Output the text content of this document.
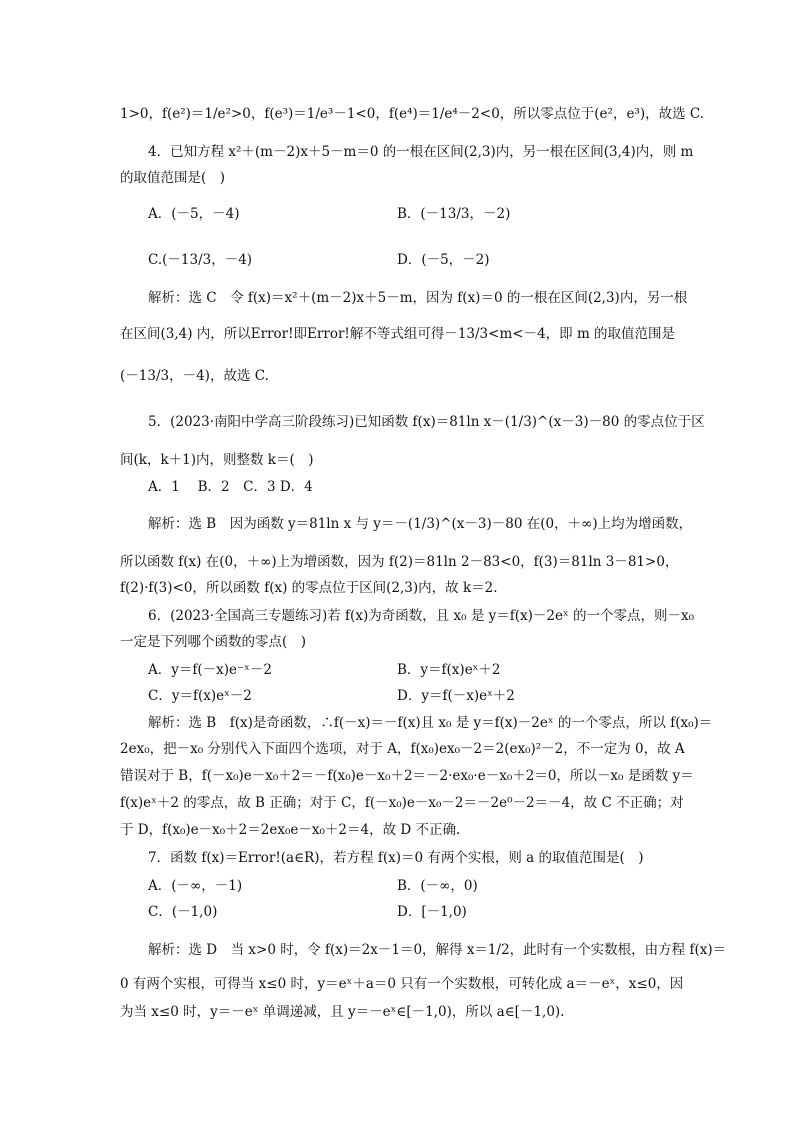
1>0，f(e²)＝1/e²>0，f(e³)＝1/e³－1<0，f(e⁴)＝1/e⁴－2<0，所以零点位于(e²，e³)，故选 C.
4．已知方程 x²＋(m－2)x＋5－m＝0 的一根在区间(2,3)内，另一根在区间(3,4)内，则 m
的取值范围是(　)
A．(－5，－4)	B．(－13/3，－2)
C.(－13/3，－4)	D．(－5，－2)
解析：选 C　令 f(x)＝x²＋(m－2)x＋5－m，因为 f(x)＝0 的一根在区间(2,3)内，另一根
在区间(3,4) 内，所以Error!即Error!解不等式组可得－13/3<m<－4，即 m 的取值范围是
(－13/3，－4)，故选 C.
5．(2023·南阳中学高三阶段练习)已知函数 f(x)＝81ln x－(1/3)^(x－3)－80 的零点位于区
间(k，k＋1)内，则整数 k＝(　)
A．1　 B．2　C．3 D．4
解析：选 B　因为函数 y＝81ln x 与 y＝－(1/3)^(x－3)－80 在(0，＋∞)上均为增函数，
所以函数 f(x) 在(0，＋∞)上为增函数，因为 f(2)＝81ln 2－83<0，f(3)＝81ln 3－81>0，
f(2)·f(3)<0，所以函数 f(x) 的零点位于区间(2,3)内，故 k＝2.
6．(2023·全国高三专题练习)若 f(x)为奇函数，且 x₀ 是 y＝f(x)－2eˣ 的一个零点，则－x₀
一定是下列哪个函数的零点(　)
A．y＝f(－x)e⁻ˣ－2	B．y＝f(x)eˣ＋2
C．y＝f(x)eˣ－2	D．y＝f(－x)eˣ＋2
解析：选 B　f(x)是奇函数，∴f(－x)＝－f(x)且 x₀ 是 y＝f(x)－2eˣ 的一个零点，所以 f(x₀)＝
2ex₀，把－x₀ 分别代入下面四个选项，对于 A，f(x₀)ex₀－2＝2(ex₀)²－2，不一定为 0，故 A
错误对于 B，f(－x₀)e－x₀＋2＝－f(x₀)e－x₀＋2＝－2·ex₀·e－x₀＋2＝0，所以－x₀ 是函数 y＝
f(x)eˣ＋2 的零点，故 B 正确；对于 C，f(－x₀)e－x₀－2＝－2e⁰－2＝－4，故 C 不正确；对
于 D，f(x₀)e－x₀＋2＝2ex₀e－x₀＋2＝4，故 D 不正确.
7．函数 f(x)＝Error!(a∈R)，若方程 f(x)＝0 有两个实根，则 a 的取值范围是(　)
A．(－∞，－1)	B．(－∞，0)
C．(－1,0)	D．[－1,0)
解析：选 D　当 x>0 时，令 f(x)＝2x－1＝0，解得 x＝1/2，此时有一个实数根，由方程 f(x)＝
0 有两个实根，可得当 x≤0 时，y＝eˣ＋a＝0 只有一个实数根，可转化成 a＝－eˣ，x≤0，因
为当 x≤0 时，y＝－eˣ 单调递减，且 y＝－eˣ∈[－1,0)，所以 a∈[－1,0).
